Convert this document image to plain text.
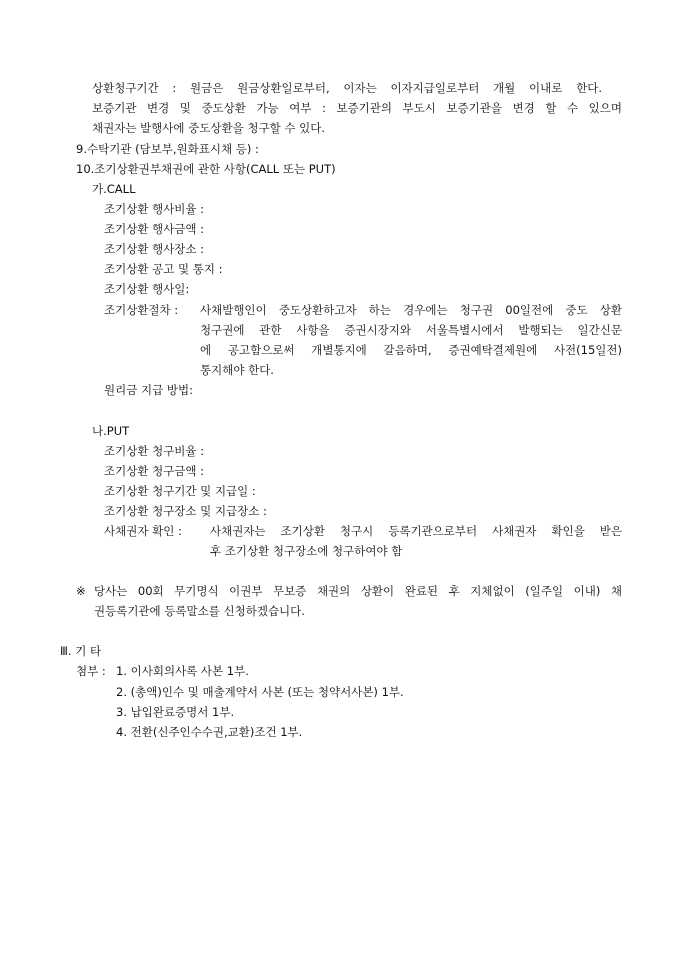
상환청구기간 : 원금은 원금상환일로부터, 이자는 이자지급일로부터 개월 이내로 한다.
보증기관 변경 및 중도상환 가능 여부 : 보증기관의 부도시 보증기관을 변경 할 수 있으며
채권자는 발행사에 중도상환을 청구할 수 있다.
9.수탁기관 (담보부,원화표시채 등) :
10.조기상환권부채권에 관한 사항(CALL 또는 PUT)
가.CALL
조기상환 행사비율 :
조기상환 행사금액 :
조기상환 행사장소 :
조기상환 공고 및 통지 :
조기상환 행사일:
조기상환절차 : 사채발행인이 중도상환하고자 하는 경우에는 청구권 00일전에 중도 상환
청구권에 관한 사항을 증권시장지와 서울특별시에서 발행되는 일간신문
에 공고함으로써 개별통지에 갈음하며, 증권예탁결제원에 사전(15일전)
통지해야 한다.
원리금 지급 방법:
나.PUT
조기상환 청구비율 :
조기상환 청구금액 :
조기상환 청구기간 및 지급일 :
조기상환 청구장소 및 지급장소 :
사채권자 확인 : 사채권자는 조기상환 청구시 등록기관으로부터 사채권자 확인을 받은
후 조기상환 청구장소에 청구하여야 함
※ 당사는 00회 무기명식 이권부 무보증 채권의 상환이 완료된 후 지체없이 (일주일 이내) 채
권등록기관에 등록말소를 신청하겠습니다.
Ⅲ. 기 타
첨부 : 1. 이사회의사록 사본 1부.
2. (총액)인수 및 매출계약서 사본 (또는 청약서사본) 1부.
3. 납입완료증명서 1부.
4. 전환(신주인수수권,교환)조건 1부.
